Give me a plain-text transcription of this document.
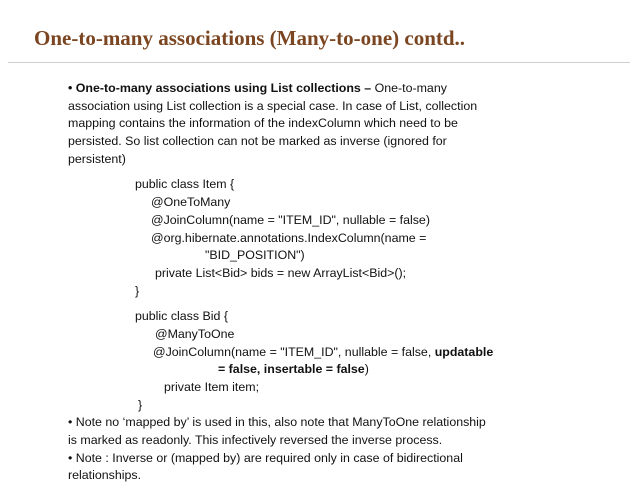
One-to-many associations (Many-to-one) contd..
• One-to-many associations using List collections – One-to-many
association using List collection is a special case. In case of List, collection
mapping contains the information of the indexColumn which need to be
persisted. So list collection can not be marked as inverse (ignored for
persistent)
public class Item {
@OneToMany
@JoinColumn(name = "ITEM_ID", nullable = false)
@org.hibernate.annotations.IndexColumn(name =
"BID_POSITION")
private List<Bid> bids = new ArrayList<Bid>();
}
public class Bid {
@ManyToOne
@JoinColumn(name = "ITEM_ID", nullable = false, updatable
= false, insertable = false)
private Item item;
}
• Note no ‘mapped by’ is used in this, also note that ManyToOne relationship
is marked as readonly. This infectively reversed the inverse process.
• Note : Inverse or (mapped by) are required only in case of bidirectional
relationships.
